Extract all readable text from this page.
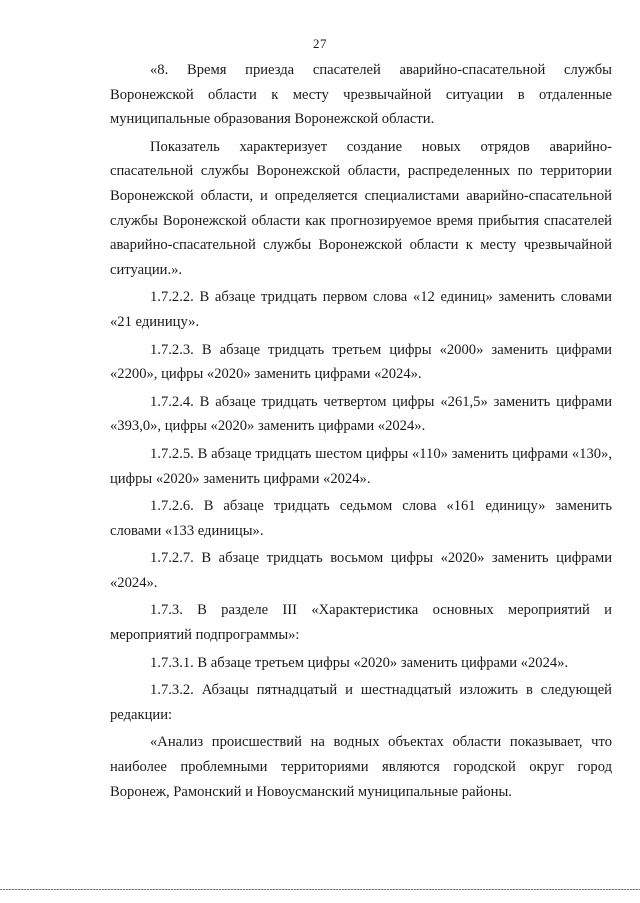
27

«8. Время приезда спасателей аварийно-спасательной службы Воронежской области к месту чрезвычайной ситуации в отдаленные муниципальные образования Воронежской области.

Показатель характеризует создание новых отрядов аварийно-спасательной службы Воронежской области, распределенных по территории Воронежской области, и определяется специалистами аварийно-спасательной службы Воронежской области как прогнозируемое время прибытия спасателей аварийно-спасательной службы Воронежской области к месту чрезвычайной ситуации.».

1.7.2.2. В абзаце тридцать первом слова «12 единиц» заменить словами «21 единицу».

1.7.2.3. В абзаце тридцать третьем цифры «2000» заменить цифрами «2200», цифры «2020» заменить цифрами «2024».

1.7.2.4. В абзаце тридцать четвертом цифры «261,5» заменить цифрами «393,0», цифры «2020» заменить цифрами «2024».

1.7.2.5. В абзаце тридцать шестом цифры «110» заменить цифрами «130», цифры «2020» заменить цифрами «2024».

1.7.2.6. В абзаце тридцать седьмом слова «161 единицу» заменить словами «133 единицы».

1.7.2.7. В абзаце тридцать восьмом цифры «2020» заменить цифрами «2024».

1.7.3. В разделе III «Характеристика основных мероприятий и мероприятий подпрограммы»:

1.7.3.1. В абзаце третьем цифры «2020» заменить цифрами «2024».

1.7.3.2. Абзацы пятнадцатый и шестнадцатый изложить в следующей редакции:

«Анализ происшествий на водных объектах области показывает, что наиболее проблемными территориями являются городской округ город Воронеж, Рамонский и Новоусманский муниципальные районы.
